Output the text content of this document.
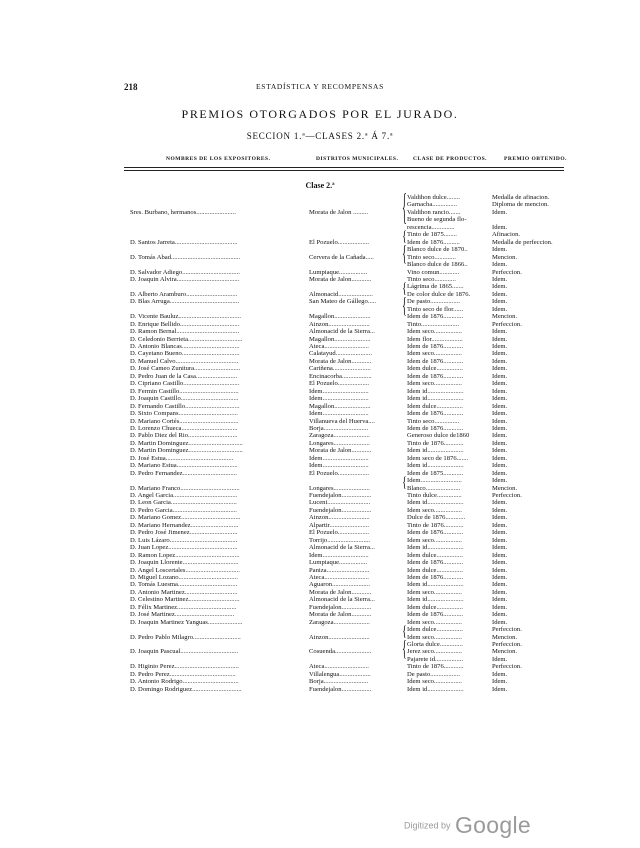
218	ESTADÍSTICA Y RECOMPENSAS
PREMIOS OTORGADOS POR EL JURADO.
SECCION 1.ª—CLASES 2.ª Á 7.ª
NOMBRES DE LOS EXPOSITORES.	DISTRITOS MUNICIPALES.	CLASE DE PRODUCTOS.	PREMIO OBTENIDO.
Clase 2.ª
Valdihon dulce........	Medalla de afinacion.
Garnacha...............	Diploma de mencion.
Sres. Burbano, hermanos........................	Morata de Jalon .........	Valdihon rancio.......	Idem.
Bueno de segunda flo-
rescencia..............	Idem.
Tinto de 1875........	Afinacion.
D. Santos Jarreta......................................	El Pozuelo...................	Idem de 1876..........	Medalla de perfeccion.
Blanco dulce de 1870..	Idem.
D. Tomás Abad..........................................	Cervera de la Cañada.....	Tinto seco.............	Mencion.
Blanco dulce de 1866..	Idem.
D. Salvador Adiego...................................	Lumpiaque.................	Vino comun............	Perfeccion.
D. Joaquin Alvira......................................	Morata de Jalon............	Tinto seco.............	Idem.
Lágrima de 1865.......	Idem.
D. Alberto Aramburo...............................	Almonacid.....................	De color dulce de 1876.	Idem.
D. Blas Arruga..........................................	San Mateo de Gállego.....	De pasto..................	Idem.
Tinto seco de flor......	Idem.
D. Vicente Bauluz......................................	Magallon......................	Idem de 1876............	Mencion.
D. Enrique Bellido....................................	Ainzon.........................	Tinto.......................	Perfeccion.
D. Ramon Bernal......................................	Almonacid de la Sierra...	Idem seco.................	Idem.
D. Celedonio Berrieta.................................	Magallon......................	Idem flor...................	Idem.
D. Antonio Blancas...................................	Ateca...........................	Idem de 1876............	Idem.
D. Cayetano Bueno...................................	Calatayud......................	Idem seco.................	Idem.
D. Manuel Calvo......................................	Morata de Jalon............	Idem de 1876............	Idem.
D. José Cameo Zunitura............................	Cariñena.......................	Idem dulce................	Idem.
D. Pedro Juan de la Casa.........................	Encinacorba..................	Idem de 1876............	Idem.
D. Cipriano Castillo..................................	El Pozuelo...................	Idem seco.................	Idem.
D. Fermin Castillo....................................	Idem............................	Idem id......................	Idem.
D. Joaquin Castillo...................................	Idem............................	Idem id......................	Idem.
D. Fernando Castillo.................................	Magallon......................	Idem dulce................	Idem.
D. Sixto Compans....................................	Idem............................	Idem de 1876............	Idem.
D. Mariano Cortés....................................	Villanueva del Huerva....	Tinto seco...............	Idem.
D. Lorenzo Chueca..................................	Borja...........................	Idem de 1876............	Idem.
D. Pablo Diez del Rio..............................	Zaragoza......................	Generoso dulce de1860	Idem.
D. Martin Dominguez.................................	Longares......................	Tinto de 1876............	Idem.
D. Martin Dominguez.................................	Morata de Jalon............	Idem id......................	Idem.
D. José Estua.........................................	Idem............................	Idem seco de 1876.......	Idem.
D. Mariano Estua.....................................	Idem............................	Idem id......................	Idem.
D. Pedro Fernandez.................................	El Pozuelo...................	Idem de 1875............	Idem.
Idem.........................	Idem.
D. Mariano Franco....................................	Longares......................	Blanco.....................	Mencion.
D. Angel Garcia.......................................	Fuendejalon..................	Tinto dulce...............	Perfeccion.
D. Leon Garcia........................................	Luceni..........................	Idem id......................	Idem.
D. Pedro Garcia.......................................	Fuendejalon..................	Idem seco.................	Idem.
D. Mariano Gomez....................................	Ainzon.........................	Dulce de 1876............	Idem.
D. Mariano Hernandez.............................	Alpartir........................	Tinto de 1876............	Idem.
D. Pedro José Jimenez.............................	El Pozuelo...................	Idem de 1876............	Idem.
D. Luis Lázaro.........................................	Torrijo..........................	Idem seco.................	Idem.
D. Juan Lopez..........................................	Almonacid de la Sierra...	Idem id......................	Idem.
D. Ramon Lopez.......................................	Idem............................	Idem dulce................	Idem.
D. Joaquin Llorente..................................	Lumpiaque.................	Idem de 1876............	Idem.
D. Angel Loscertales.................................	Paniza..........................	Idem dulce................	Idem.
D. Miguel Lozano....................................	Ateca...........................	Idem de 1876............	Idem.
D. Tomás Luesma....................................	Aguaron.......................	Idem id......................	Idem.
D. Antonio Martinez................................	Morata de Jalon............	Idem seco.................	Idem.
D. Celestino Martinez...............................	Almonacid de la Sierra...	Idem id......................	Idem.
D. Félix Martinez....................................	Fuendejalon..................	Idem dulce................	Idem.
D. José Martinez....................................	Morata de Jalon............	Idem de 1876............	Idem.
D. Joaquin Martinez Yanguas.....................	Zaragoza......................	Idem seco.................	Idem.
Idem dulce................	Perfeccion.
D. Pedro Pablo Milagro.............................	Ainzon.........................	Idem seco.................	Mencion.
Glorta dulce..............	Perfeccion.
D. Joaquin Pascual...................................	Cosuenda......................	Jerez seco.................	Mencion.
Pajarete id.................	Idem.
D. Higinio Perez.......................................	Ateca...........................	Tinto de 1876............	Perfeccion.
D. Pedro Perez........................................	Villalengua...................	De pasto..................	Idem.
D. Antonio Rodrigo..................................	Borja...........................	Idem seco.................	Idem.
D. Domingo Rodriguez..............................	Fuendejalon..................	Idem id......................	Idem.
{
{
{
{
{
{
{
{
Digitized by Google
